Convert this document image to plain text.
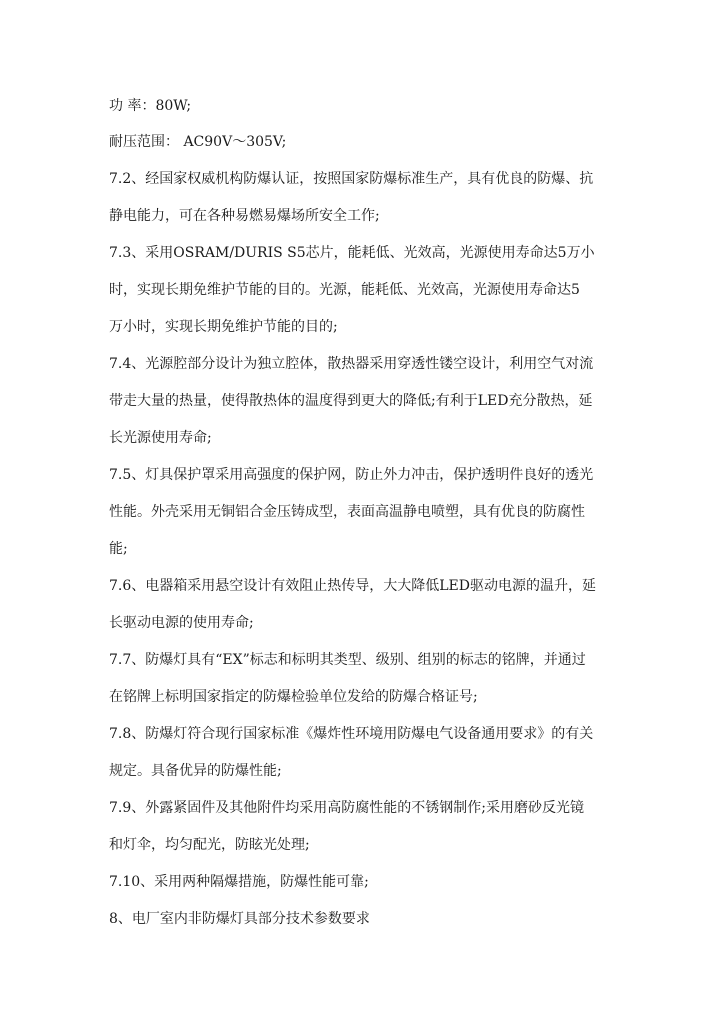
功 率：80W;
耐压范围： AC90V～305V;
7.2、经国家权威机构防爆认证，按照国家防爆标准生产，具有优良的防爆、抗
静电能力，可在各种易燃易爆场所安全工作;
7.3、采用OSRAM/DURIS S5芯片，能耗低、光效高，光源使用寿命达5万小
时，实现长期免维护节能的目的。光源，能耗低、光效高，光源使用寿命达5
万小时，实现长期免维护节能的目的;
7.4、光源腔部分设计为独立腔体，散热器采用穿透性镂空设计，利用空气对流
带走大量的热量，使得散热体的温度得到更大的降低;有利于LED充分散热，延
长光源使用寿命;
7.5、灯具保护罩采用高强度的保护网，防止外力冲击，保护透明件良好的透光
性能。外壳采用无铜铝合金压铸成型，表面高温静电喷塑，具有优良的防腐性
能;
7.6、电器箱采用悬空设计有效阻止热传导，大大降低LED驱动电源的温升，延
长驱动电源的使用寿命;
7.7、防爆灯具有“EX”标志和标明其类型、级别、组别的标志的铭牌，并通过
在铭牌上标明国家指定的防爆检验单位发给的防爆合格证号;
7.8、防爆灯符合现行国家标准《爆炸性环境用防爆电气设备通用要求》的有关
规定。具备优异的防爆性能;
7.9、外露紧固件及其他附件均采用高防腐性能的不锈钢制作;采用磨砂反光镜
和灯伞，均匀配光，防眩光处理;
7.10、采用两种隔爆措施，防爆性能可靠;
8、电厂室内非防爆灯具部分技术参数要求
